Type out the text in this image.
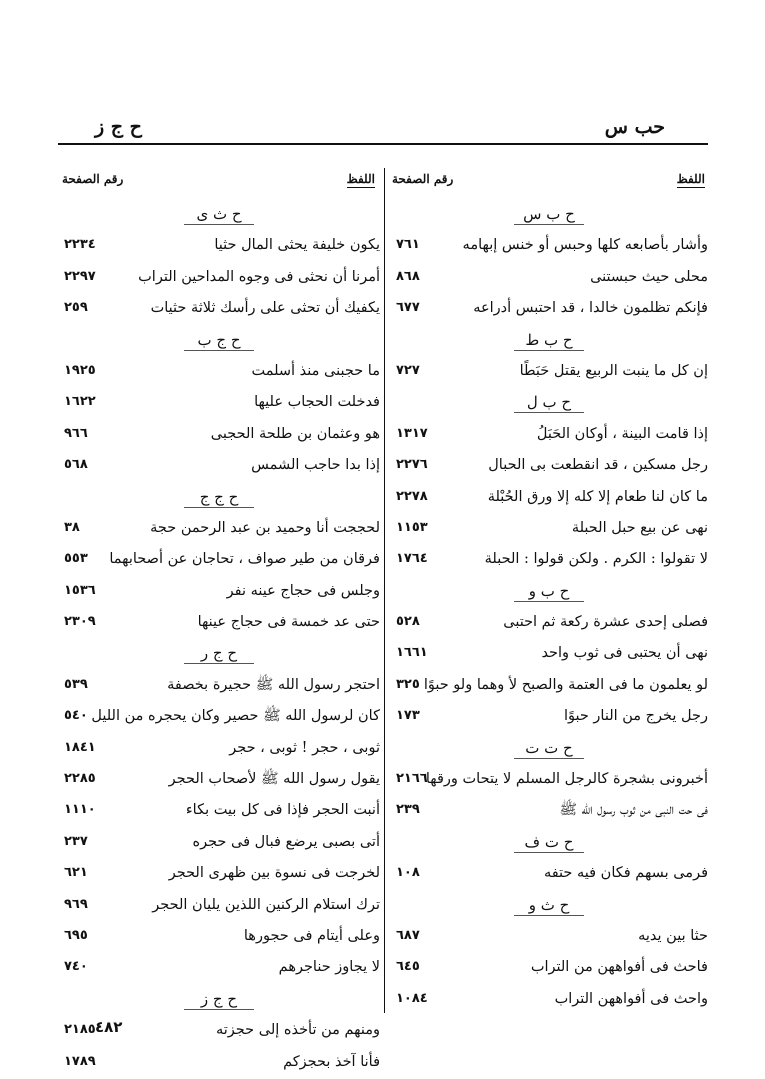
حب س
ح ج ز
اللفظ
رقم الصفحة
اللفظ
رقم الصفحة
ح ب س
وأشار بأصابعه كلها وحبس أو خنس إبهامه
٧٦١
محلى حيث حبستنى
٨٦٨
فإنكم تظلمون خالدا ، قد احتبس أدراعه
٦٧٧
ح ب ط
إن كل ما ينبت الربيع يقتل حَبَطًا
٧٢٧
ح ب ل
إذا قامت البينة ، أوكان الحَبَلُ
١٣١٧
رجل مسكين ، قد انقطعت بى الحبال
٢٢٧٦
ما كان لنا طعام إلا كله إلا ورق الحُبْلة
٢٢٧٨
نهى عن بيع حبل الحبلة
١١٥٣
لا تقولوا : الكرم . ولكن قولوا : الحبلة
١٧٦٤
ح ب و
فصلى إحدى عشرة ركعة ثم احتبى
٥٢٨
نهى أن يحتبى فى ثوب واحد
١٦٦١
لو يعلمون ما فى العتمة والصبح لأ وهما ولو حبوًا
٣٢٥
رجل يخرج من النار حبوًا
١٧٣
ح ت ت
أخبرونى بشجرة كالرجل المسلم لا يتحات ورقها
٢١٦٦
فى حت النبى من ثوب رسول الله ﷺ
٢٣٩
ح ت ف
فرمى بسهم فكان فيه حتفه
١٠٨
ح ث و
حثا بين يديه
٦٨٧
فاحث فى أفواههن من التراب
٦٤٥
واحث فى أفواههن التراب
١٠٨٤
ح ث ى
يكون خليفة يحثى المال حثيا
٢٢٣٤
أمرنا أن نحثى فى وجوه المداحين التراب
٢٢٩٧
يكفيك أن تحثى على رأسك ثلاثة حثيات
٢٥٩
ح ج ب
ما حجبنى منذ أسلمت
١٩٢٥
فدخلت الحجاب عليها
١٦٢٢
هو وعثمان بن طلحة الحجبى
٩٦٦
إذا بدا حاجب الشمس
٥٦٨
ح ج ج
لحججت أنا وحميد بن عبد الرحمن حجة
٣٨
فرقان من طير صواف ، تحاجان عن أصحابهما
٥٥٣
وجلس فى حجاج عينه نفر
١٥٣٦
حتى عد خمسة فى حجاج عينها
٢٣٠٩
ح ج ر
احتجر رسول الله ﷺ حجيرة بخصفة
٥٣٩
كان لرسول الله ﷺ حصير وكان يحجره من الليل
٥٤٠
ثوبى ، حجر ! ثوبى ، حجر
١٨٤١
يقول رسول الله ﷺ لأصحاب الحجر
٢٢٨٥
أنبت الحجر فإذا فى كل بيت بكاء
١١١٠
أتى بصبى يرضع فبال فى حجره
٢٣٧
لخرجت فى نسوة بين ظهرى الحجر
٦٢١
ترك استلام الركنين اللذين يليان الحجر
٩٦٩
وعلى أيتام فى حجورها
٦٩٥
لا يجاوز حناجرهم
٧٤٠
ح ج ز
ومنهم من تأخذه إلى حجزته
٢١٨٥
فأنا آخذ بحجزكم
١٧٨٩
٤٨٢
